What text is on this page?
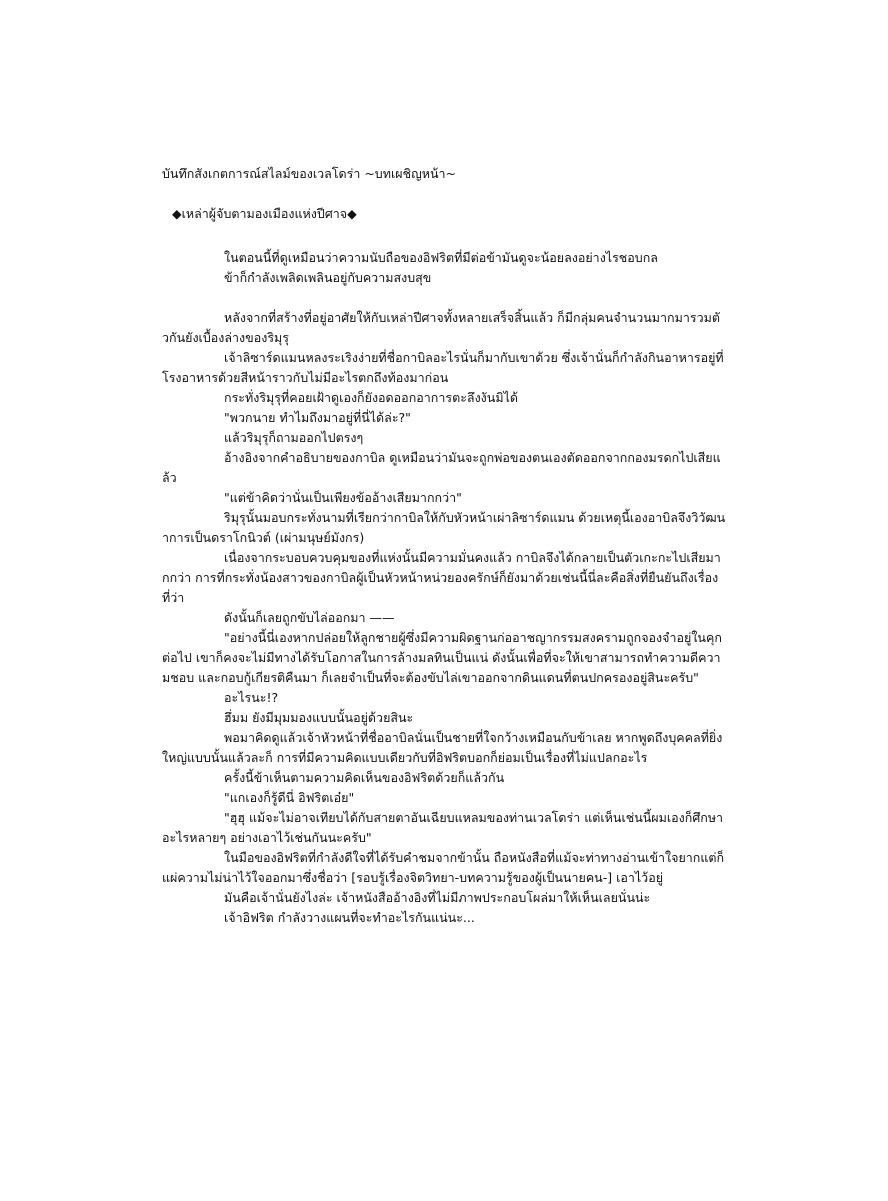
บันทึกสังเกตการณ์สไลม์ของเวลโดร่า ~บทเผชิญหน้า~
◆เหล่าผู้จับตามองเมืองแห่งปีศาจ◆

ในตอนนี้ที่ดูเหมือนว่าความนับถือของอิฟริตที่มีต่อข้ามันดูจะน้อยลงอย่างไรชอบกล

ข้าก็กำลังเพลิดเพลินอยู่กับความสงบสุข

หลังจากที่สร้างที่อยู่อาศัยให้กับเหล่าปีศาจทั้งหลายเสร็จสิ้นแล้ว ก็มีกลุ่มคนจำนวนมากมารวมตัวกันยังเบื้องล่างของริมุรุ

เจ้าลิซาร์ดแมนหลงระเริงง่ายที่ชื่อกาบิลอะไรนั่นก็มากับเขาด้วย ซึ่งเจ้านั่นก็กำลังกินอาหารอยู่ที่โรงอาหารด้วยสีหน้าราวกับไม่มีอะไรตกถึงท้องมาก่อน

กระทั่งริมุรุที่คอยเฝ้าดูเองก็ยังอดออกอาการตะลึงงันมิได้

"พวกนาย ทำไมถึงมาอยู่ที่นี่ได้ล่ะ?"

แล้วริมุรุก็ถามออกไปตรงๆ

อ้างอิงจากคำอธิบายของกาบิล ดูเหมือนว่ามันจะถูกพ่อของตนเองตัดออกจากกองมรดกไปเสียแล้ว

"แต่ข้าคิดว่านั่นเป็นเพียงข้ออ้างเสียมากกว่า"

ริมุรุนั้นมอบกระทั่งนามที่เรียกว่ากาบิลให้กับหัวหน้าเผ่าลิซาร์ดแมน ด้วยเหตุนี้เองอาบิลจึงวิวัฒนาการเป็นดราโกนิวต์ (เผ่ามนุษย์มังกร)

เนื่องจากระบอบควบคุมของที่แห่งนั้นมีความมั่นคงแล้ว กาบิลจึงได้กลายเป็นตัวเกะกะไปเสียมากกว่า การที่กระทั่งน้องสาวของกาบิลผู้เป็นหัวหน้าหน่วยองครักษ์ก็ยังมาด้วยเช่นนี้นี่ละคือสิ่งที่ยืนยันถึงเรื่องที่ว่า

ดังนั้นก็เลยถูกขับไล่ออกมา ——

"อย่างนี้นี่เองหากปล่อยให้ลูกชายผู้ซึ่งมีความผิดฐานก่ออาชญากรรมสงครามถูกจองจำอยู่ในคุกต่อไป เขาก็คงจะไม่มีทางได้รับโอกาสในการล้างมลทินเป็นแน่ ดังนั้นเพื่อที่จะให้เขาสามารถทำความดีความชอบ และกอบกู้เกียรติคืนมา ก็เลยจำเป็นที่จะต้องขับไล่เขาออกจากดินแดนที่ตนปกครองอยู่สินะครับ"

อะไรนะ!?

ฮึ่มม ยังมีมุมมองแบบนั้นอยู่ด้วยสินะ

พอมาคิดดูแล้วเจ้าหัวหน้าที่ชื่ออาบิลนั่นเป็นชายที่ใจกว้างเหมือนกับข้าเลย หากพูดถึงบุคคลที่ยิ่งใหญ่แบบนั้นแล้วละก็ การที่มีความคิดแบบเดียวกับที่อิฟริตบอกก็ย่อมเป็นเรื่องที่ไม่แปลกอะไร

ครั้งนี้ข้าเห็นตามความคิดเห็นของอิฟริตด้วยก็แล้วกัน

"แกเองก็รู้ดีนี่ อิฟริตเอ๋ย"

"ฮุฮุ แม้จะไม่อาจเทียบได้กับสายตาอันเฉียบแหลมของท่านเวลโดร่า แต่เห็นเช่นนี้ผมเองก็ศึกษาอะไรหลายๆ อย่างเอาไว้เช่นกันนะครับ"

ในมือของอิฟริตที่กำลังดีใจที่ได้รับคำชมจากข้านั้น ถือหนังสือที่แม้จะท่าทางอ่านเข้าใจยากแต่ก็แผ่ความไม่น่าไว้ใจออกมาซึ่งชื่อว่า [รอบรู้เรื่องจิตวิทยา-บทความรู้ของผู้เป็นนายคน-] เอาไว้อยู่

มันคือเจ้านั่นยังไงล่ะ เจ้าหนังสืออ้างอิงที่ไม่มีภาพประกอบโผล่มาให้เห็นเลยนั่นน่ะ

เจ้าอิฟริต กำลังวางแผนที่จะทำอะไรกันแน่นะ...
